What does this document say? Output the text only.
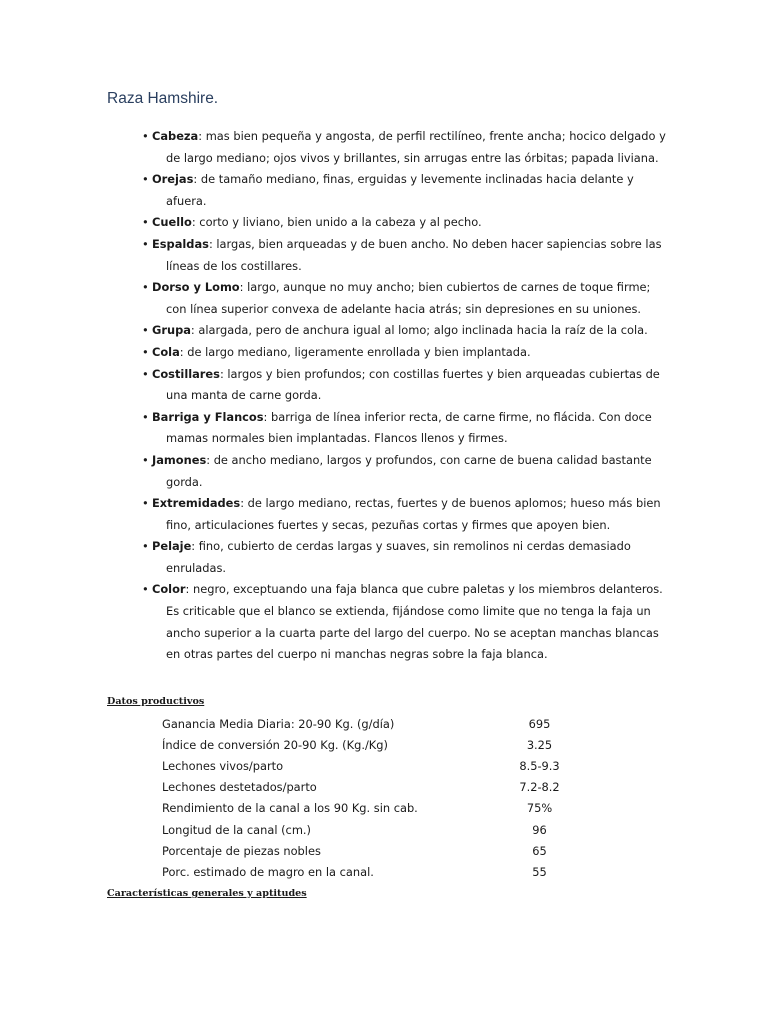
Raza Hamshire.
• Cabeza: mas bien pequeña y angosta, de perfil rectilíneo, frente ancha; hocico delgado y de largo mediano; ojos vivos y brillantes, sin arrugas entre las órbitas; papada liviana.
• Orejas: de tamaño mediano, finas, erguidas y levemente inclinadas hacia delante y afuera.
• Cuello: corto y liviano, bien unido a la cabeza y al pecho.
• Espaldas: largas, bien arqueadas y de buen ancho. No deben hacer sapiencias sobre las líneas de los costillares.
• Dorso y Lomo: largo, aunque no muy ancho; bien cubiertos de carnes de toque firme; con línea superior convexa de adelante hacia atrás; sin depresiones en su uniones.
• Grupa: alargada, pero de anchura igual al lomo; algo inclinada hacia la raíz de la cola.
• Cola: de largo mediano, ligeramente enrollada y bien implantada.
• Costillares: largos y bien profundos; con costillas fuertes y bien arqueadas cubiertas de una manta de carne gorda.
• Barriga y Flancos: barriga de línea inferior recta, de carne firme, no flácida. Con doce mamas normales bien implantadas. Flancos llenos y firmes.
• Jamones: de ancho mediano, largos y profundos, con carne de buena calidad bastante gorda.
• Extremidades: de largo mediano, rectas, fuertes y de buenos aplomos; hueso más bien fino, articulaciones fuertes y secas, pezuñas cortas y firmes que apoyen bien.
• Pelaje: fino, cubierto de cerdas largas y suaves, sin remolinos ni cerdas demasiado enruladas.
• Color: negro, exceptuando una faja blanca que cubre paletas y los miembros delanteros. Es criticable que el blanco se extienda, fijándose como limite que no tenga la faja un ancho superior a la cuarta parte del largo del cuerpo. No se aceptan manchas blancas en otras partes del cuerpo ni manchas negras sobre la faja blanca.
Datos productivos
Ganancia Media Diaria: 20-90 Kg. (g/día)	695
Índice de conversión 20-90 Kg. (Kg./Kg)	3.25
Lechones vivos/parto	8.5-9.3
Lechones destetados/parto	7.2-8.2
Rendimiento de la canal a los 90 Kg. sin cab.	75%
Longitud de la canal (cm.)	96
Porcentaje de piezas nobles	65
Porc. estimado de magro en la canal.	55
Características generales y aptitudes
